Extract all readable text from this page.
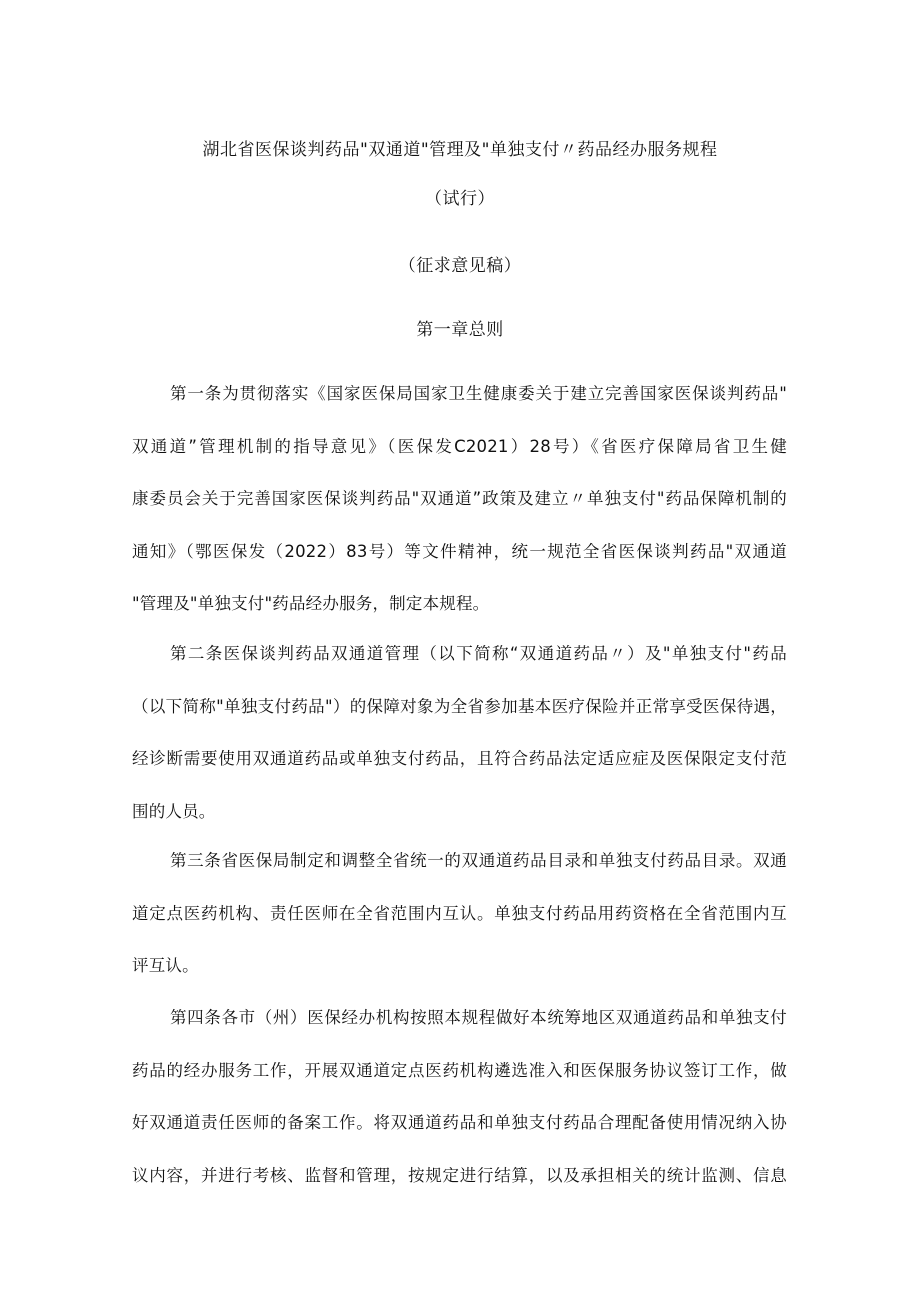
湖北省医保谈判药品"双通道"管理及"单独支付〃药品经办服务规程
（试行）
（征求意见稿）
第一章总则
第一条为贯彻落实《国家医保局国家卫生健康委关于建立完善国家医保谈判药品"
双通道”管理机制的指导意见》（医保发C2021）28号）《省医疗保障局省卫生健
康委员会关于完善国家医保谈判药品"双通道”政策及建立〃单独支付"药品保障机制的
通知》（鄂医保发（2022）83号）等文件精神，统一规范全省医保谈判药品"双通道
"管理及"单独支付"药品经办服务，制定本规程。
第二条医保谈判药品双通道管理（以下简称“双通道药品〃）及"单独支付"药品
（以下简称"单独支付药品"）的保障对象为全省参加基本医疗保险并正常享受医保待遇，
经诊断需要使用双通道药品或单独支付药品，且符合药品法定适应症及医保限定支付范
围的人员。
第三条省医保局制定和调整全省统一的双通道药品目录和单独支付药品目录。双通
道定点医药机构、责任医师在全省范围内互认。单独支付药品用药资格在全省范围内互
评互认。
第四条各市（州）医保经办机构按照本规程做好本统筹地区双通道药品和单独支付
药品的经办服务工作，开展双通道定点医药机构遴选准入和医保服务协议签订工作，做
好双通道责任医师的备案工作。将双通道药品和单独支付药品合理配备使用情况纳入协
议内容，并进行考核、监督和管理，按规定进行结算，以及承担相关的统计监测、信息
